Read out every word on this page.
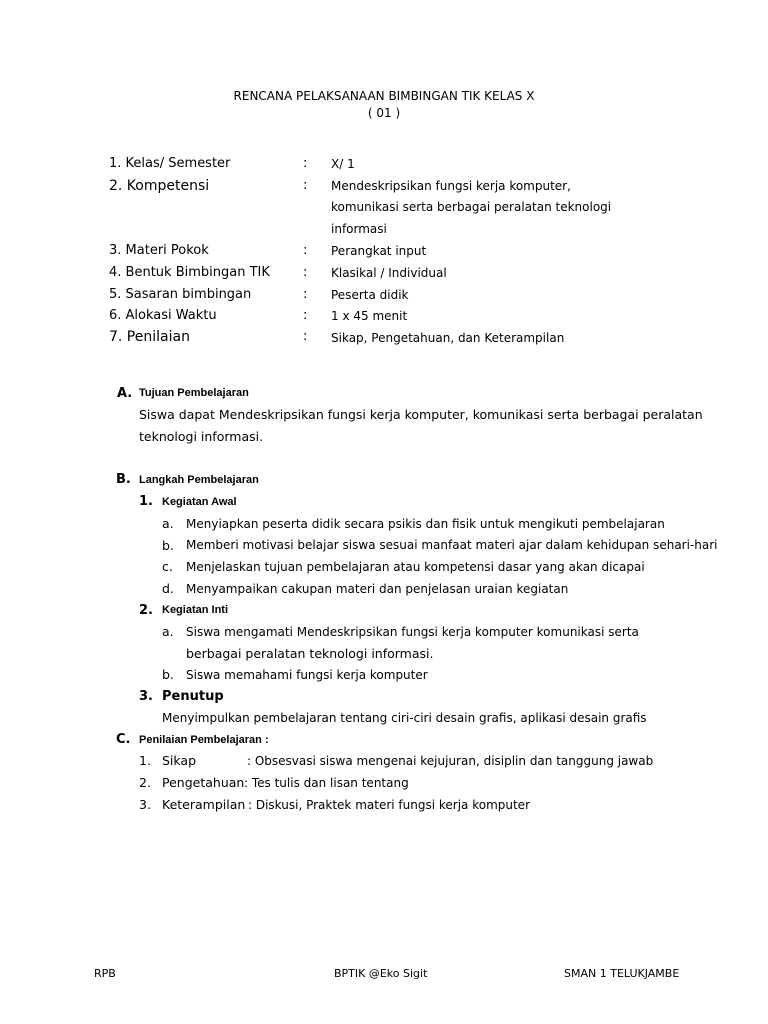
RENCANA PELAKSANAAN BIMBINGAN TIK KELAS X
( 01 )
1. Kelas/ Semester	: X/ 1
2. Kompetensi	: Mendeskripsikan fungsi kerja komputer,
komunikasi serta berbagai peralatan teknologi
informasi
3. Materi Pokok	: Perangkat input
4. Bentuk Bimbingan TIK	: Klasikal / Individual
5. Sasaran bimbingan	: Peserta didik
6. Alokasi Waktu	: 1 x 45 menit
7. Penilaian	: Sikap, Pengetahuan, dan Keterampilan
A. Tujuan Pembelajaran
Siswa dapat Mendeskripsikan fungsi kerja komputer, komunikasi serta berbagai peralatan
teknologi informasi.
B. Langkah Pembelajaran
1. Kegiatan Awal
a. Menyiapkan peserta didik secara psikis dan fisik untuk mengikuti pembelajaran
b. Memberi motivasi belajar siswa sesuai manfaat materi ajar dalam kehidupan sehari-hari
c. Menjelaskan tujuan pembelajaran atau kompetensi dasar yang akan dicapai
d. Menyampaikan cakupan materi dan penjelasan uraian kegiatan
2. Kegiatan Inti
a. Siswa mengamati Mendeskripsikan fungsi kerja komputer komunikasi serta
berbagai peralatan teknologi informasi.
b. Siswa memahami fungsi kerja komputer
3. Penutup
Menyimpulkan pembelajaran tentang ciri-ciri desain grafis, aplikasi desain grafis
C. Penilaian Pembelajaran :
1. Sikap	: Obsesvasi siswa mengenai kejujuran, disiplin dan tanggung jawab
2. Pengetahuan : Tes tulis dan lisan tentang
3. Keterampilan : Diskusi, Praktek materi fungsi kerja komputer
RPB	BPTIK @Eko Sigit	SMAN 1 TELUKJAMBE
